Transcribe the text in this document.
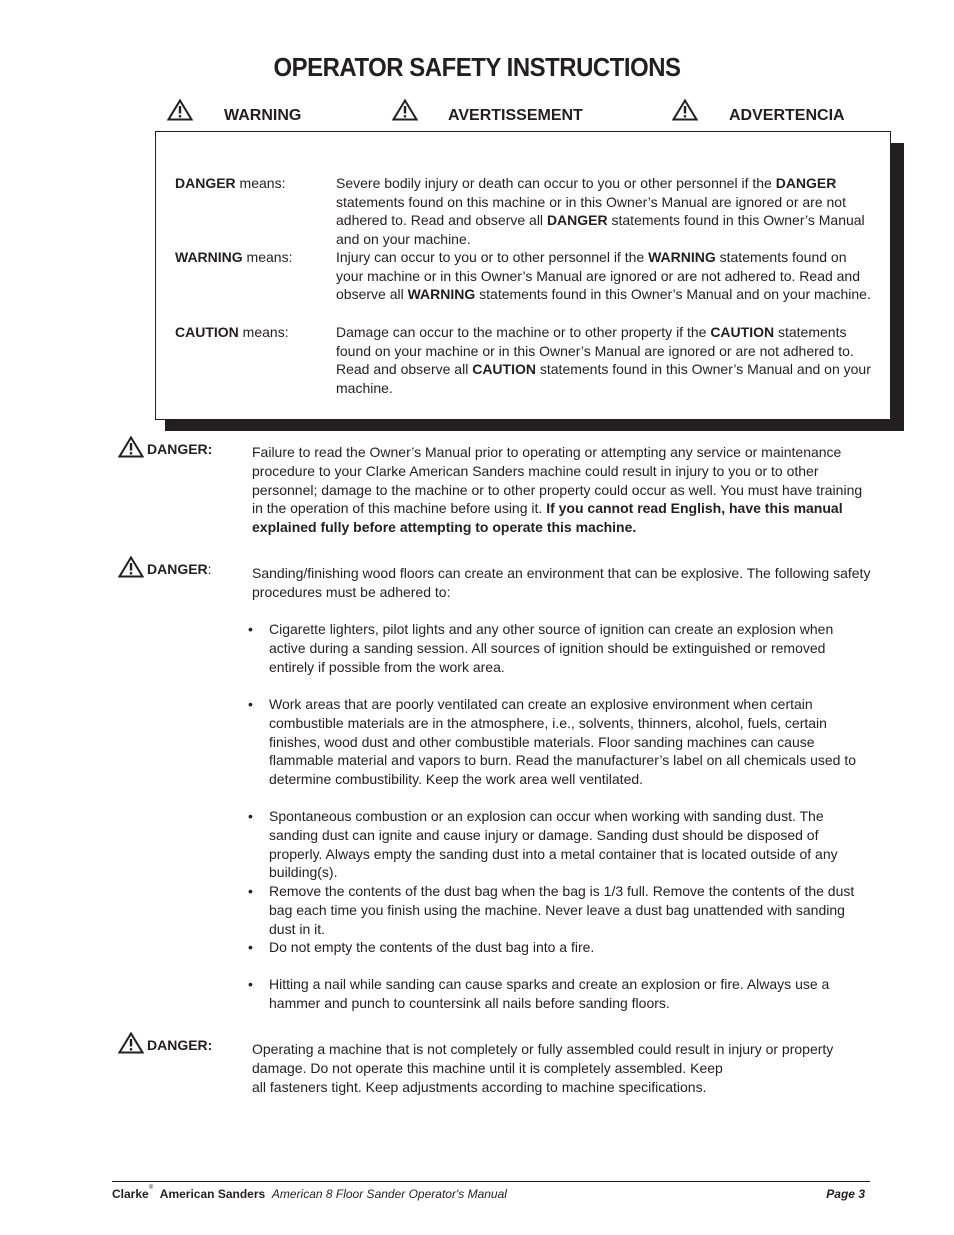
OPERATOR SAFETY INSTRUCTIONS
WARNING	AVERTISSEMENT	ADVERTENCIA
DANGER means:	Severe bodily injury or death can occur to you or other personnel if the DANGER statements found on this machine or in this Owner’s Manual are ignored or are not adhered to. Read and observe all DANGER statements found in this Owner’s Manual and on your machine.
WARNING means:	Injury can occur to you or to other personnel if the WARNING statements found on your machine or in this Owner’s Manual are ignored or are not adhered to. Read and observe all WARNING statements found in this Owner’s Manual and on your machine.
CAUTION means:	Damage can occur to the machine or to other property if the CAUTION statements found on your machine or in this Owner’s Manual are ignored or are not adhered to. Read and observe all CAUTION statements found in this Owner’s Manual and on your machine.
DANGER:	Failure to read the Owner’s Manual prior to operating or attempting any service or maintenance procedure to your Clarke American Sanders machine could result in injury to you or to other personnel; damage to the machine or to other property could occur as well. You must have training in the operation of this machine before using it. If you cannot read English, have this manual explained fully before attempting to operate this machine.
DANGER:	Sanding/finishing wood floors can create an environment that can be explosive. The following safety procedures must be adhered to:
• Cigarette lighters, pilot lights and any other source of ignition can create an explosion when active during a sanding session. All sources of ignition should be extinguished or removed entirely if possible from the work area.
• Work areas that are poorly ventilated can create an explosive environment when certain combustible materials are in the atmosphere, i.e., solvents, thinners, alcohol, fuels, certain finishes, wood dust and other combustible materials. Floor sanding machines can cause flammable material and vapors to burn. Read the manufacturer’s label on all chemicals used to determine combustibility. Keep the work area well ventilated.
• Spontaneous combustion or an explosion can occur when working with sanding dust. The sanding dust can ignite and cause injury or damage. Sanding dust should be disposed of properly. Always empty the sanding dust into a metal container that is located outside of any building(s).
• Remove the contents of the dust bag when the bag is 1/3 full. Remove the contents of the dust bag each time you finish using the machine. Never leave a dust bag unattended with sanding dust in it.
• Do not empty the contents of the dust bag into a fire.
• Hitting a nail while sanding can cause sparks and create an explosion or fire. Always use a hammer and punch to countersink all nails before sanding floors.
DANGER:	Operating a machine that is not completely or fully assembled could result in injury or property damage. Do not operate this machine until it is completely assembled. Keep
all fasteners tight. Keep adjustments according to machine specifications.
Clarke® American Sanders American 8 Floor Sander Operator's Manual	Page 3
